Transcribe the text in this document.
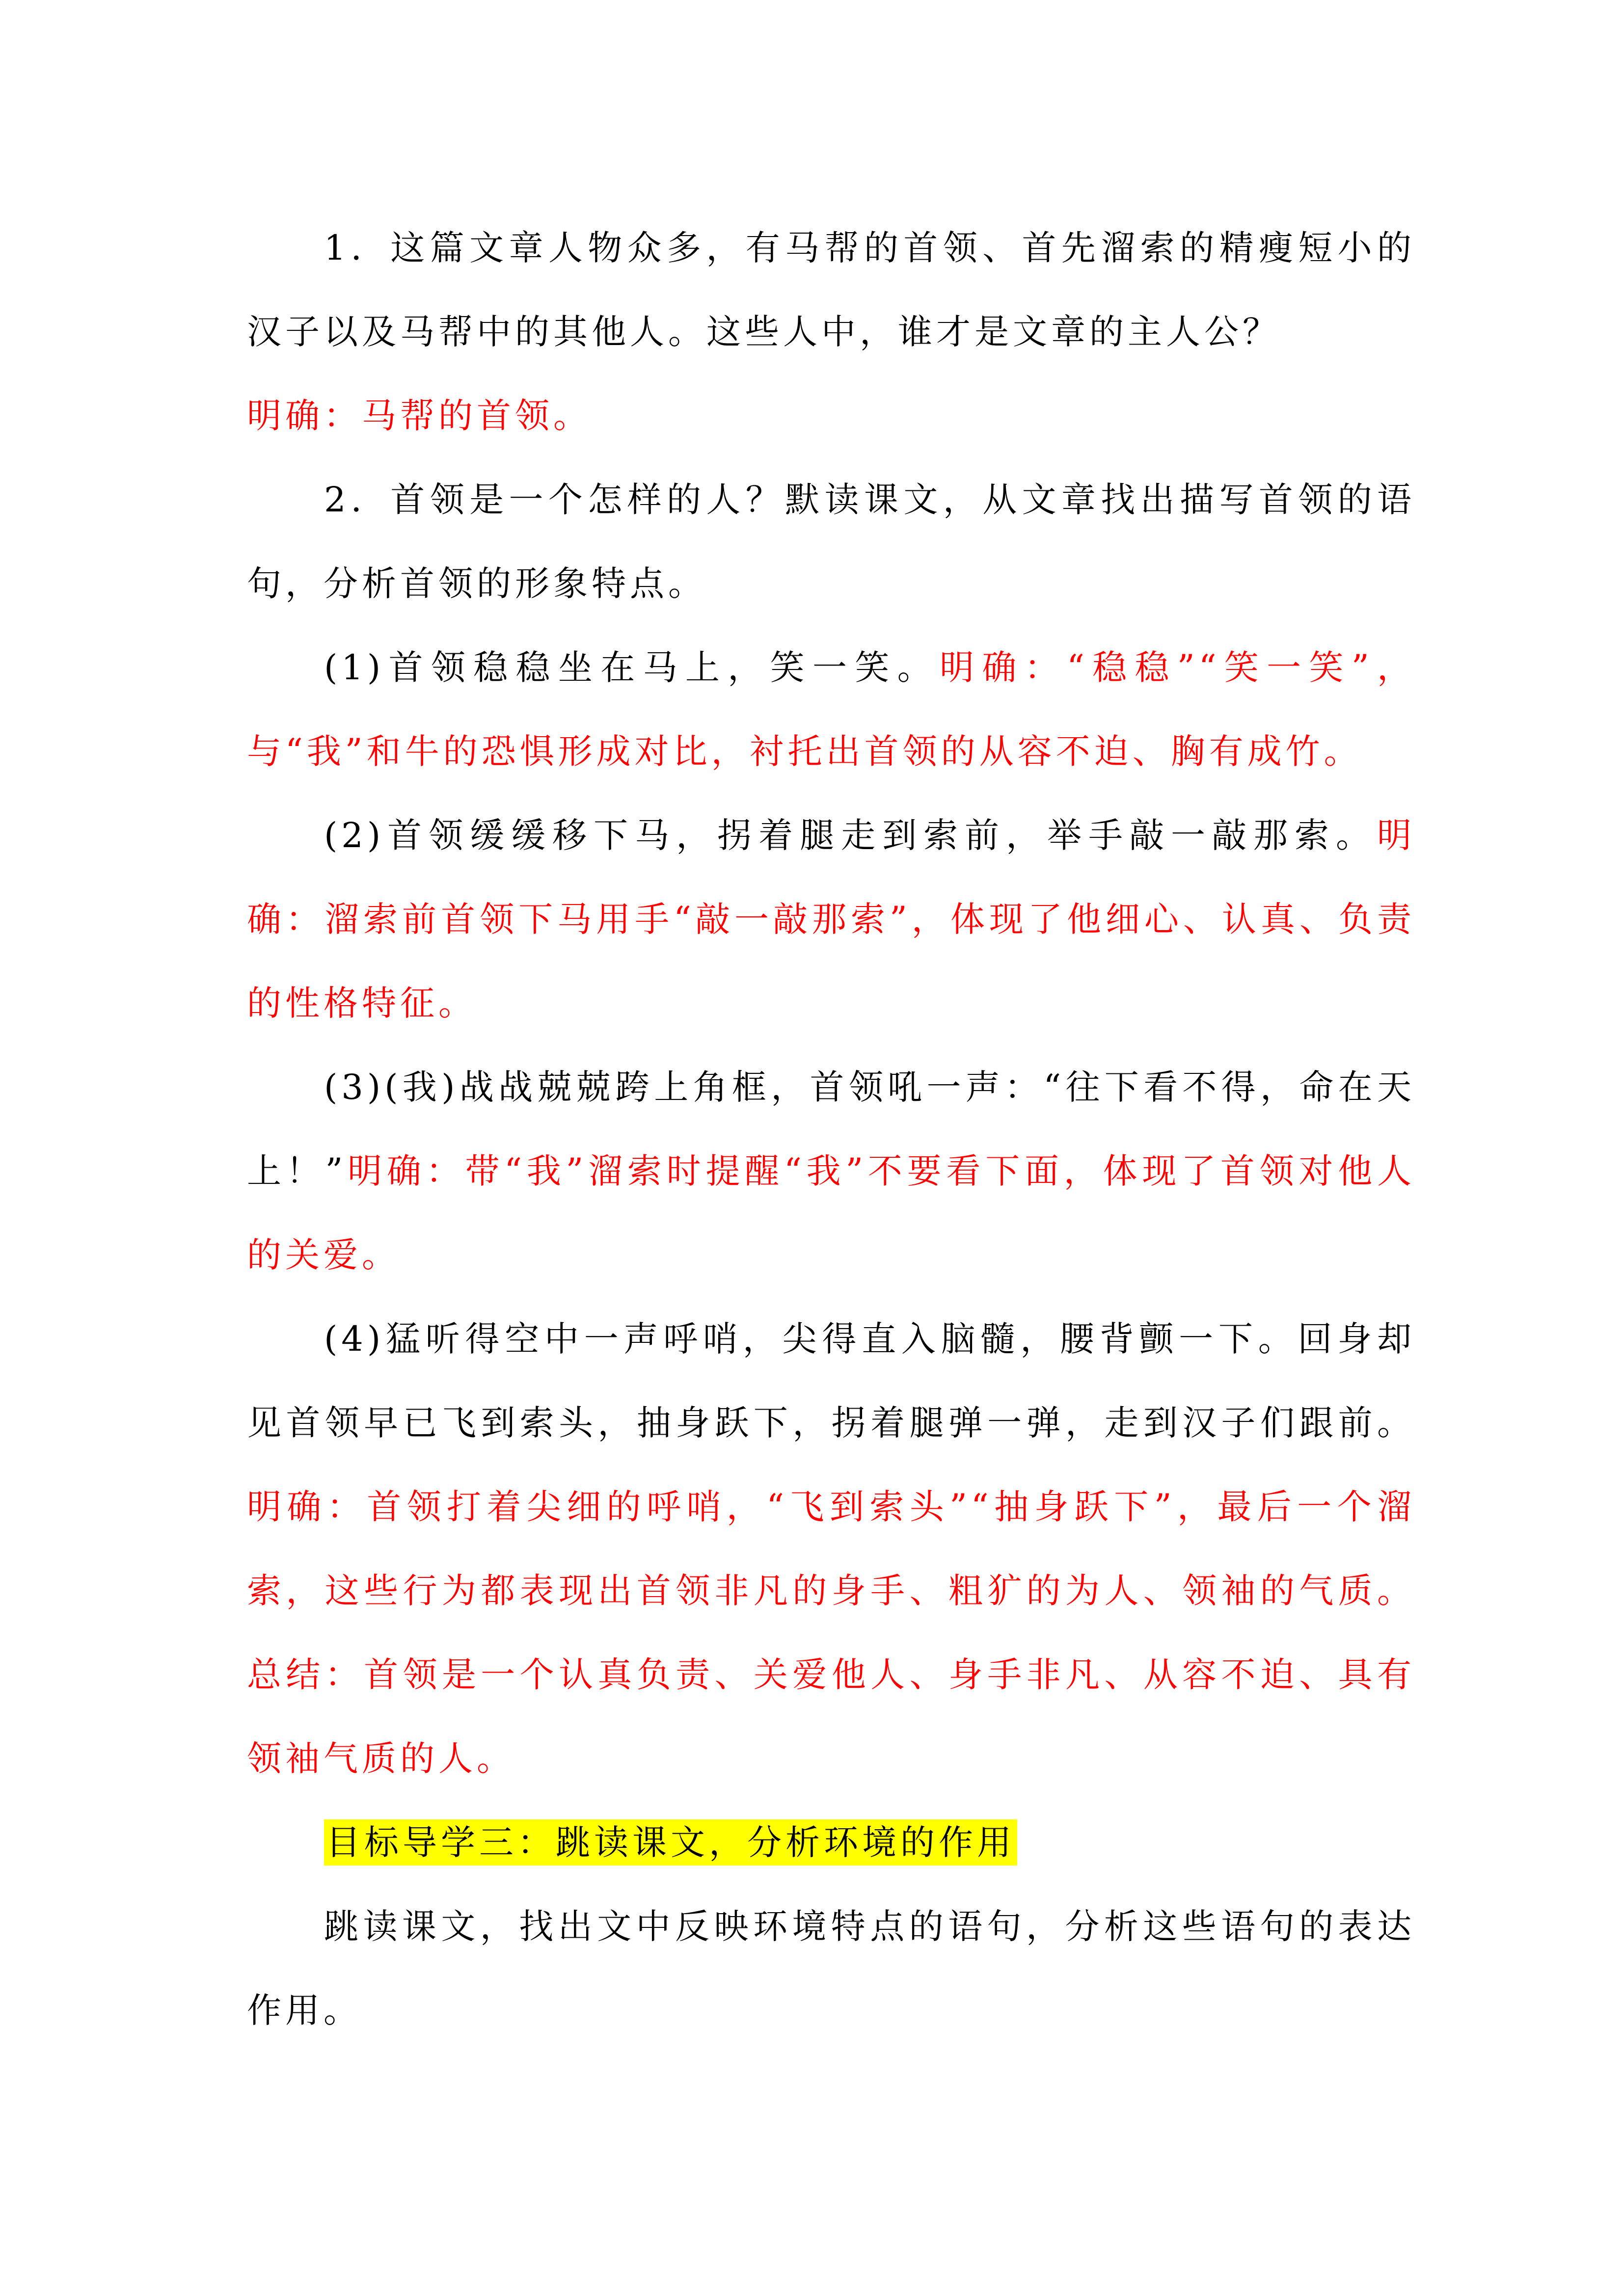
1．这篇文章人物众多，有马帮的首领、首先溜索的精瘦短小的汉子以及马帮中的其他人。这些人中，谁才是文章的主人公？

明确：马帮的首领。

2．首领是一个怎样的人？默读课文，从文章找出描写首领的语句，分析首领的形象特点。

(1)首领稳稳坐在马上，笑一笑。明确：“稳稳”“笑一笑”，与“我”和牛的恐惧形成对比，衬托出首领的从容不迫、胸有成竹。

(2)首领缓缓移下马，拐着腿走到索前，举手敲一敲那索。明确：溜索前首领下马用手“敲一敲那索”，体现了他细心、认真、负责的性格特征。

(3)(我)战战兢兢跨上角框，首领吼一声：“往下看不得，命在天上！”明确：带“我”溜索时提醒“我”不要看下面，体现了首领对他人的关爱。

(4)猛听得空中一声呼哨，尖得直入脑髓，腰背颤一下。回身却见首领早已飞到索头，抽身跃下，拐着腿弹一弹，走到汉子们跟前。明确：首领打着尖细的呼哨，“飞到索头”“抽身跃下”，最后一个溜索，这些行为都表现出首领非凡的身手、粗犷的为人、领袖的气质。总结：首领是一个认真负责、关爱他人、身手非凡、从容不迫、具有领袖气质的人。

目标导学三：跳读课文，分析环境的作用

跳读课文，找出文中反映环境特点的语句，分析这些语句的表达作用。
